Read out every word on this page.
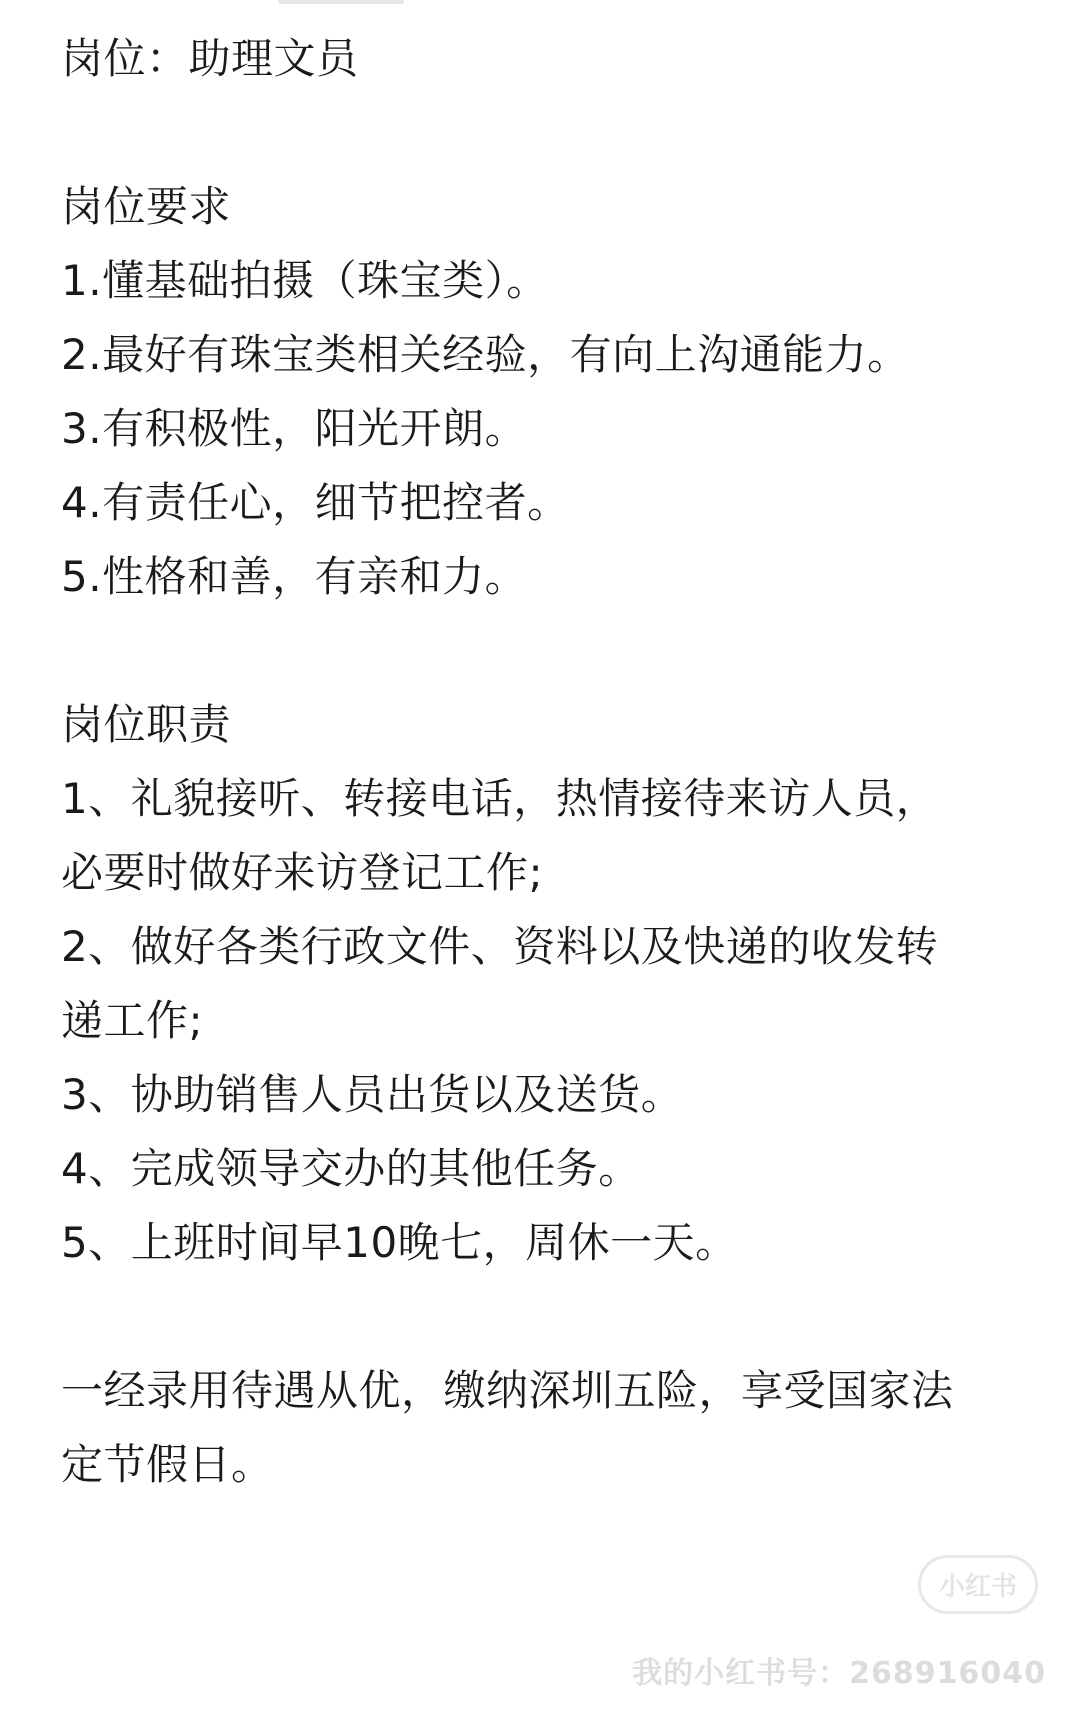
岗位：助理文员
岗位要求
1.懂基础拍摄（珠宝类）。
2.最好有珠宝类相关经验，有向上沟通能力。
3.有积极性，阳光开朗。
4.有责任心，细节把控者。
5.性格和善，有亲和力。
岗位职责
1、礼貌接听、转接电话，热情接待来访人员，
必要时做好来访登记工作;
2、做好各类行政文件、资料以及快递的收发转
递工作;
3、协助销售人员出货以及送货。
4、完成领导交办的其他任务。
5、上班时间早10晚七，周休一天。
一经录用待遇从优，缴纳深圳五险，享受国家法
定节假日。
小红书
我的小红书号：268916040
